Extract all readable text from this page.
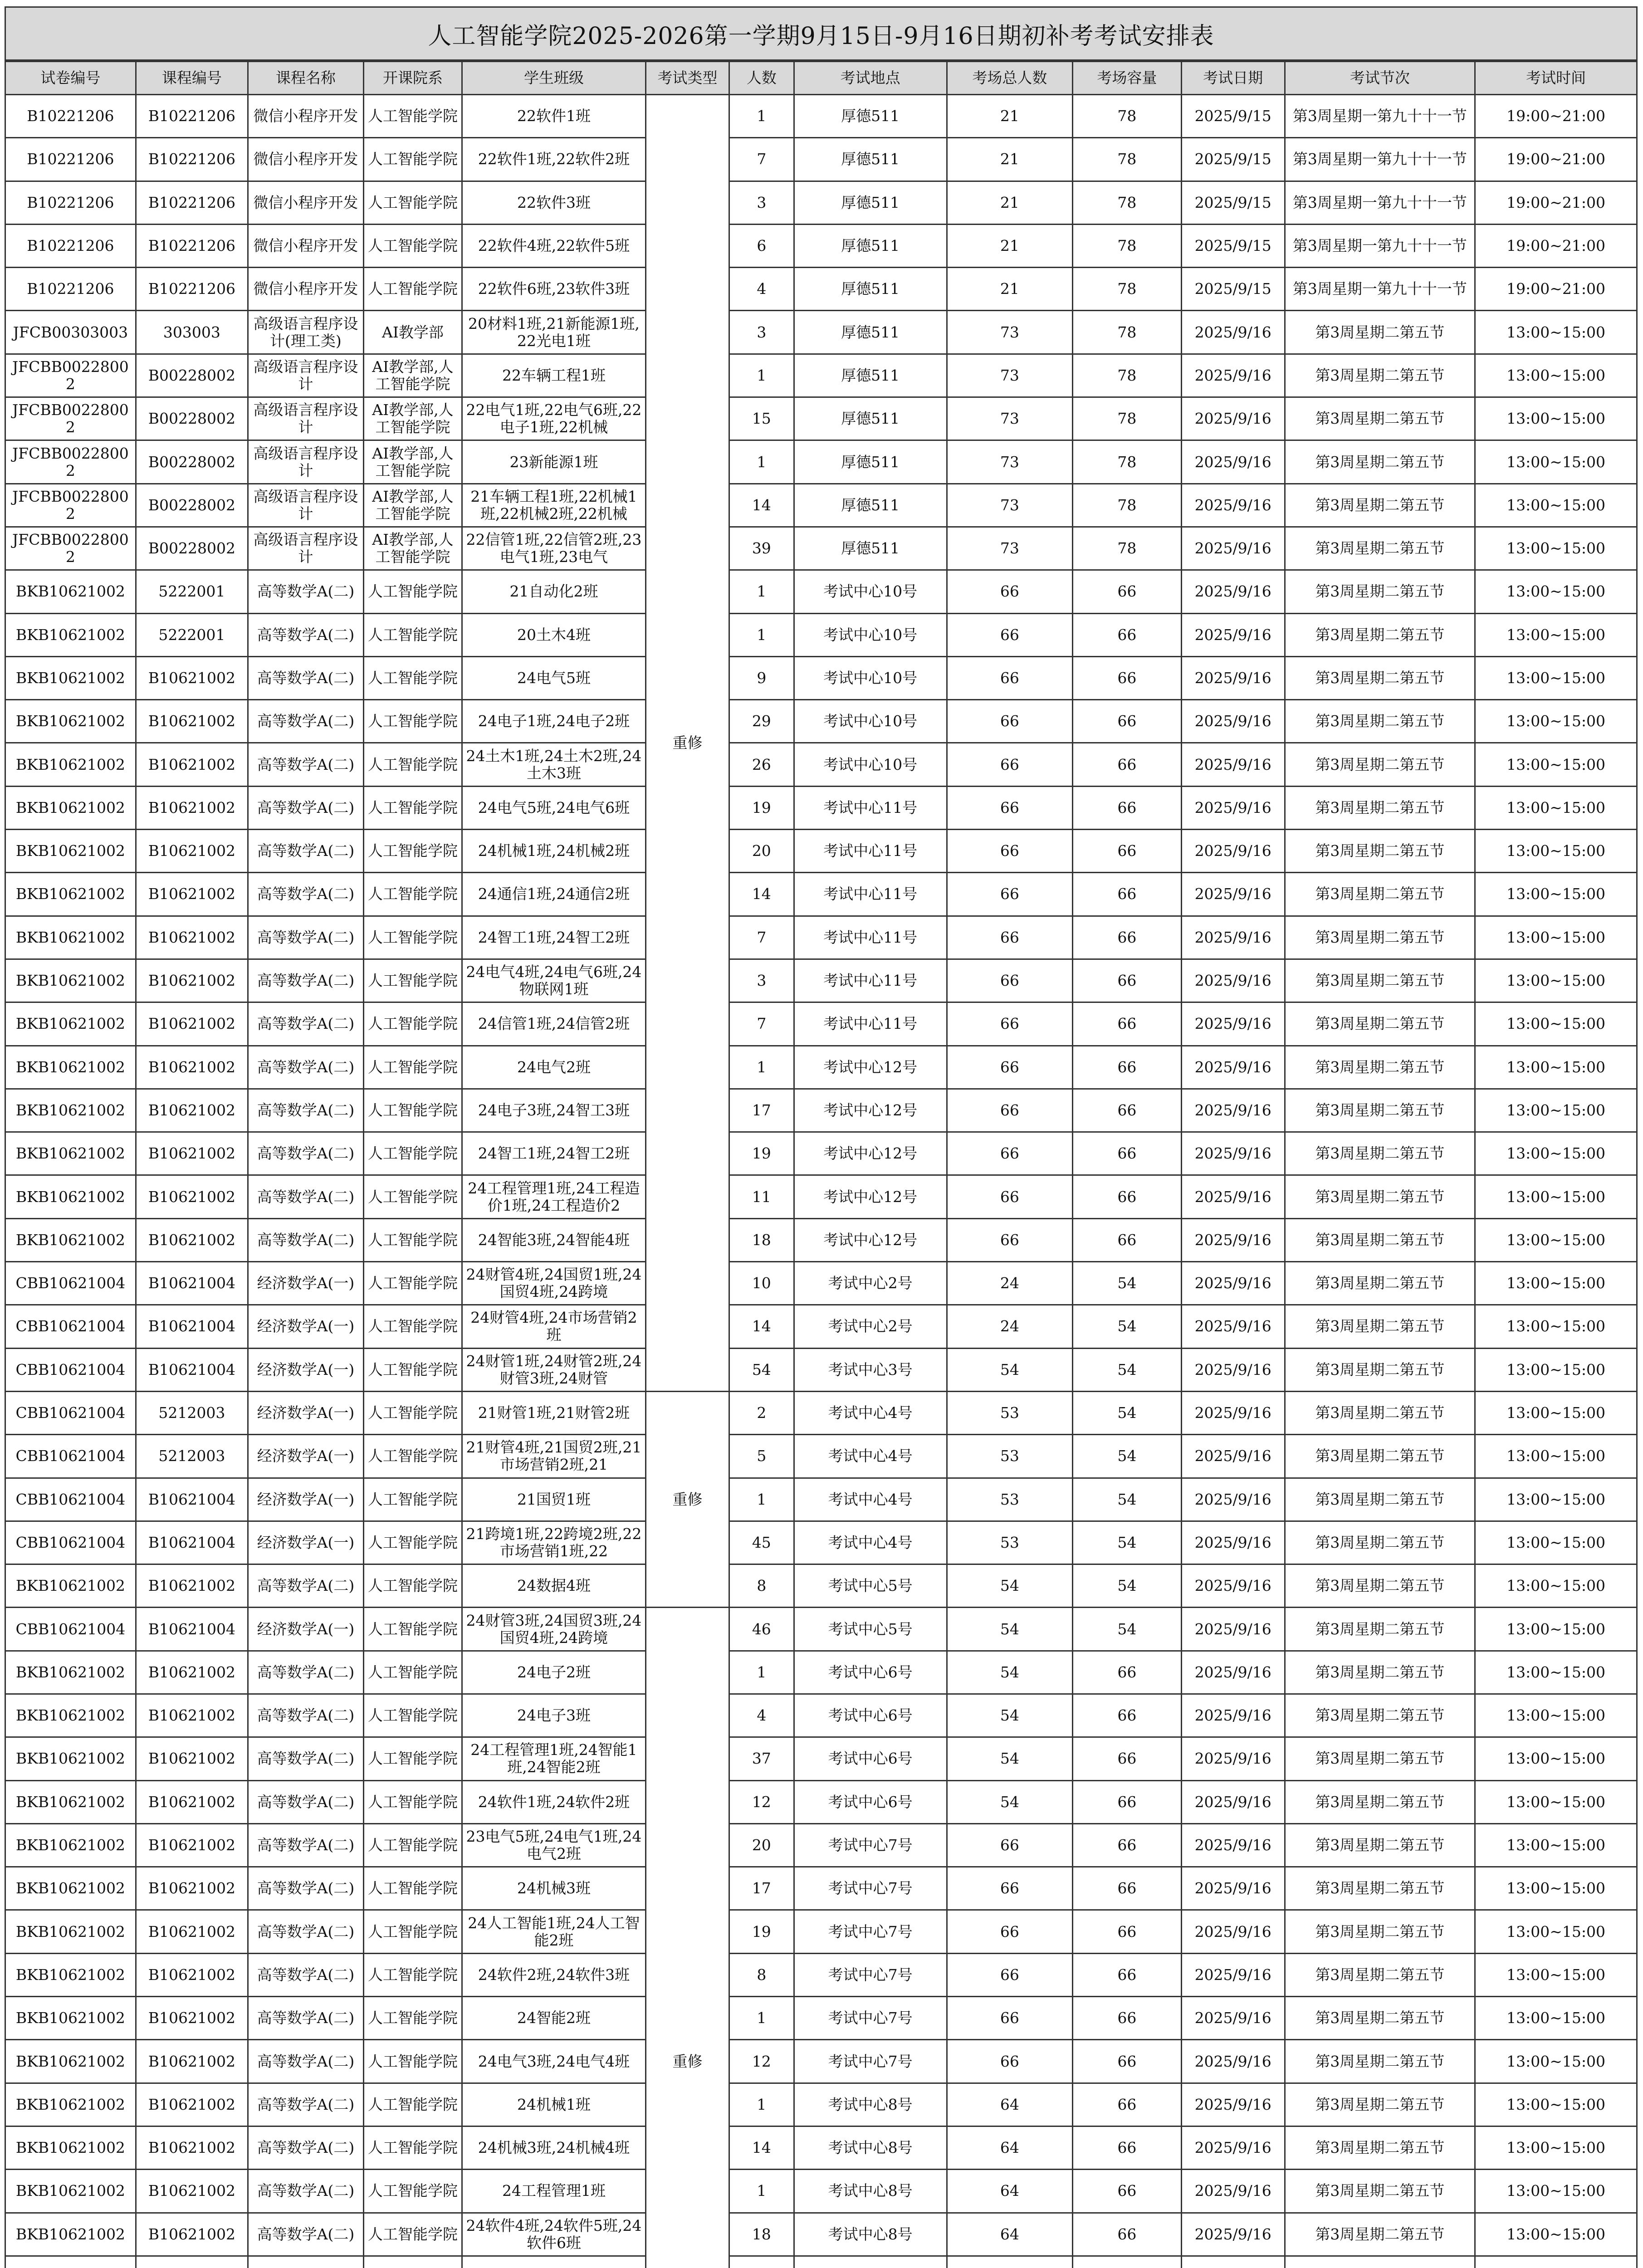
人工智能学院2025-2026第一学期9月15日-9月16日期初补考考试安排表
试卷编号	课程编号	课程名称	开课院系	学生班级	考试类型	人数	考试地点	考场总人数	考场容量	考试日期	考试节次	考试时间

B10221206	B10221206	微信小程序开发	人工智能学院	22软件1班	重修	1	厚德511	21	78	2025/9/15	第3周星期一第九十十一节	19:00~21:00

B10221206	B10221206	微信小程序开发	人工智能学院	22软件1班,22软件2班		7	厚德511	21	78	2025/9/15	第3周星期一第九十十一节	19:00~21:00

B10221206	B10221206	微信小程序开发	人工智能学院	22软件3班		3	厚德511	21	78	2025/9/15	第3周星期一第九十十一节	19:00~21:00

B10221206	B10221206	微信小程序开发	人工智能学院	22软件4班,22软件5班		6	厚德511	21	78	2025/9/15	第3周星期一第九十十一节	19:00~21:00

B10221206	B10221206	微信小程序开发	人工智能学院	22软件6班,23软件3班		4	厚德511	21	78	2025/9/15	第3周星期一第九十十一节	19:00~21:00

JFCB00303003	303003	高级语言程序设计(理工类)	AI教学部	20材料1班,21新能源1班,22光电1班		3	厚德511	73	78	2025/9/16	第3周星期二第五节	13:00~15:00

JFCBB00228002	B00228002	高级语言程序设计	AI教学部,人工智能学院	22车辆工程1班		1	厚德511	73	78	2025/9/16	第3周星期二第五节	13:00~15:00

JFCBB00228002	B00228002	高级语言程序设计	AI教学部,人工智能学院	22电气1班,22电气6班,22电子1班,22机械		15	厚德511	73	78	2025/9/16	第3周星期二第五节	13:00~15:00

JFCBB00228002	B00228002	高级语言程序设计	AI教学部,人工智能学院	23新能源1班		1	厚德511	73	78	2025/9/16	第3周星期二第五节	13:00~15:00

JFCBB00228002	B00228002	高级语言程序设计	AI教学部,人工智能学院	21车辆工程1班,22机械1班,22机械2班,22机械		14	厚德511	73	78	2025/9/16	第3周星期二第五节	13:00~15:00

JFCBB00228002	B00228002	高级语言程序设计	AI教学部,人工智能学院	22信管1班,22信管2班,23电气1班,23电气		39	厚德511	73	78	2025/9/16	第3周星期二第五节	13:00~15:00

BKB10621002	5222001	高等数学A(二)	人工智能学院	21自动化2班		1	考试中心10号	66	66	2025/9/16	第3周星期二第五节	13:00~15:00

BKB10621002	5222001	高等数学A(二)	人工智能学院	20土木4班		1	考试中心10号	66	66	2025/9/16	第3周星期二第五节	13:00~15:00

BKB10621002	B10621002	高等数学A(二)	人工智能学院	24电气5班		9	考试中心10号	66	66	2025/9/16	第3周星期二第五节	13:00~15:00

BKB10621002	B10621002	高等数学A(二)	人工智能学院	24电子1班,24电子2班		29	考试中心10号	66	66	2025/9/16	第3周星期二第五节	13:00~15:00

BKB10621002	B10621002	高等数学A(二)	人工智能学院	24土木1班,24土木2班,24土木3班		26	考试中心10号	66	66	2025/9/16	第3周星期二第五节	13:00~15:00

BKB10621002	B10621002	高等数学A(二)	人工智能学院	24电气5班,24电气6班		19	考试中心11号	66	66	2025/9/16	第3周星期二第五节	13:00~15:00

BKB10621002	B10621002	高等数学A(二)	人工智能学院	24机械1班,24机械2班		20	考试中心11号	66	66	2025/9/16	第3周星期二第五节	13:00~15:00

BKB10621002	B10621002	高等数学A(二)	人工智能学院	24通信1班,24通信2班		14	考试中心11号	66	66	2025/9/16	第3周星期二第五节	13:00~15:00

BKB10621002	B10621002	高等数学A(二)	人工智能学院	24智工1班,24智工2班		7	考试中心11号	66	66	2025/9/16	第3周星期二第五节	13:00~15:00

BKB10621002	B10621002	高等数学A(二)	人工智能学院	24电气4班,24电气6班,24物联网1班		3	考试中心11号	66	66	2025/9/16	第3周星期二第五节	13:00~15:00

BKB10621002	B10621002	高等数学A(二)	人工智能学院	24信管1班,24信管2班		7	考试中心11号	66	66	2025/9/16	第3周星期二第五节	13:00~15:00

BKB10621002	B10621002	高等数学A(二)	人工智能学院	24电气2班		1	考试中心12号	66	66	2025/9/16	第3周星期二第五节	13:00~15:00

BKB10621002	B10621002	高等数学A(二)	人工智能学院	24电子3班,24智工3班		17	考试中心12号	66	66	2025/9/16	第3周星期二第五节	13:00~15:00

BKB10621002	B10621002	高等数学A(二)	人工智能学院	24智工1班,24智工2班		19	考试中心12号	66	66	2025/9/16	第3周星期二第五节	13:00~15:00

BKB10621002	B10621002	高等数学A(二)	人工智能学院	24工程管理1班,24工程造价1班,24工程造价2		11	考试中心12号	66	66	2025/9/16	第3周星期二第五节	13:00~15:00

BKB10621002	B10621002	高等数学A(二)	人工智能学院	24智能3班,24智能4班		18	考试中心12号	66	66	2025/9/16	第3周星期二第五节	13:00~15:00

CBB10621004	B10621004	经济数学A(一)	人工智能学院	24财管4班,24国贸1班,24国贸4班,24跨境		10	考试中心2号	24	54	2025/9/16	第3周星期二第五节	13:00~15:00

CBB10621004	B10621004	经济数学A(一)	人工智能学院	24财管4班,24市场营销2班		14	考试中心2号	24	54	2025/9/16	第3周星期二第五节	13:00~15:00

CBB10621004	B10621004	经济数学A(一)	人工智能学院	24财管1班,24财管2班,24财管3班,24财管		54	考试中心3号	54	54	2025/9/16	第3周星期二第五节	13:00~15:00

CBB10621004	5212003	经济数学A(一)	人工智能学院	21财管1班,21财管2班	重修	2	考试中心4号	53	54	2025/9/16	第3周星期二第五节	13:00~15:00

CBB10621004	5212003	经济数学A(一)	人工智能学院	21财管4班,21国贸2班,21市场营销2班,21		5	考试中心4号	53	54	2025/9/16	第3周星期二第五节	13:00~15:00

CBB10621004	B10621004	经济数学A(一)	人工智能学院	21国贸1班		1	考试中心4号	53	54	2025/9/16	第3周星期二第五节	13:00~15:00

CBB10621004	B10621004	经济数学A(一)	人工智能学院	21跨境1班,22跨境2班,22市场营销1班,22		45	考试中心4号	53	54	2025/9/16	第3周星期二第五节	13:00~15:00

BKB10621002	B10621002	高等数学A(二)	人工智能学院	24数据4班		8	考试中心5号	54	54	2025/9/16	第3周星期二第五节	13:00~15:00

CBB10621004	B10621004	经济数学A(一)	人工智能学院	24财管3班,24国贸3班,24国贸4班,24跨境	重修	46	考试中心5号	54	54	2025/9/16	第3周星期二第五节	13:00~15:00

BKB10621002	B10621002	高等数学A(二)	人工智能学院	24电子2班		1	考试中心6号	54	66	2025/9/16	第3周星期二第五节	13:00~15:00

BKB10621002	B10621002	高等数学A(二)	人工智能学院	24电子3班		4	考试中心6号	54	66	2025/9/16	第3周星期二第五节	13:00~15:00

BKB10621002	B10621002	高等数学A(二)	人工智能学院	24工程管理1班,24智能1班,24智能2班		37	考试中心6号	54	66	2025/9/16	第3周星期二第五节	13:00~15:00

BKB10621002	B10621002	高等数学A(二)	人工智能学院	24软件1班,24软件2班		12	考试中心6号	54	66	2025/9/16	第3周星期二第五节	13:00~15:00

BKB10621002	B10621002	高等数学A(二)	人工智能学院	23电气5班,24电气1班,24电气2班		20	考试中心7号	66	66	2025/9/16	第3周星期二第五节	13:00~15:00

BKB10621002	B10621002	高等数学A(二)	人工智能学院	24机械3班		17	考试中心7号	66	66	2025/9/16	第3周星期二第五节	13:00~15:00

BKB10621002	B10621002	高等数学A(二)	人工智能学院	24人工智能1班,24人工智能2班		19	考试中心7号	66	66	2025/9/16	第3周星期二第五节	13:00~15:00

BKB10621002	B10621002	高等数学A(二)	人工智能学院	24软件2班,24软件3班		8	考试中心7号	66	66	2025/9/16	第3周星期二第五节	13:00~15:00

BKB10621002	B10621002	高等数学A(二)	人工智能学院	24智能2班		1	考试中心7号	66	66	2025/9/16	第3周星期二第五节	13:00~15:00

BKB10621002	B10621002	高等数学A(二)	人工智能学院	24电气3班,24电气4班		12	考试中心7号	66	66	2025/9/16	第3周星期二第五节	13:00~15:00

BKB10621002	B10621002	高等数学A(二)	人工智能学院	24机械1班		1	考试中心8号	64	66	2025/9/16	第3周星期二第五节	13:00~15:00

BKB10621002	B10621002	高等数学A(二)	人工智能学院	24机械3班,24机械4班		14	考试中心8号	64	66	2025/9/16	第3周星期二第五节	13:00~15:00

BKB10621002	B10621002	高等数学A(二)	人工智能学院	24工程管理1班		1	考试中心8号	64	66	2025/9/16	第3周星期二第五节	13:00~15:00

BKB10621002	B10621002	高等数学A(二)	人工智能学院	24软件4班,24软件5班,24软件6班		18	考试中心8号	64	66	2025/9/16	第3周星期二第五节	13:00~15:00
